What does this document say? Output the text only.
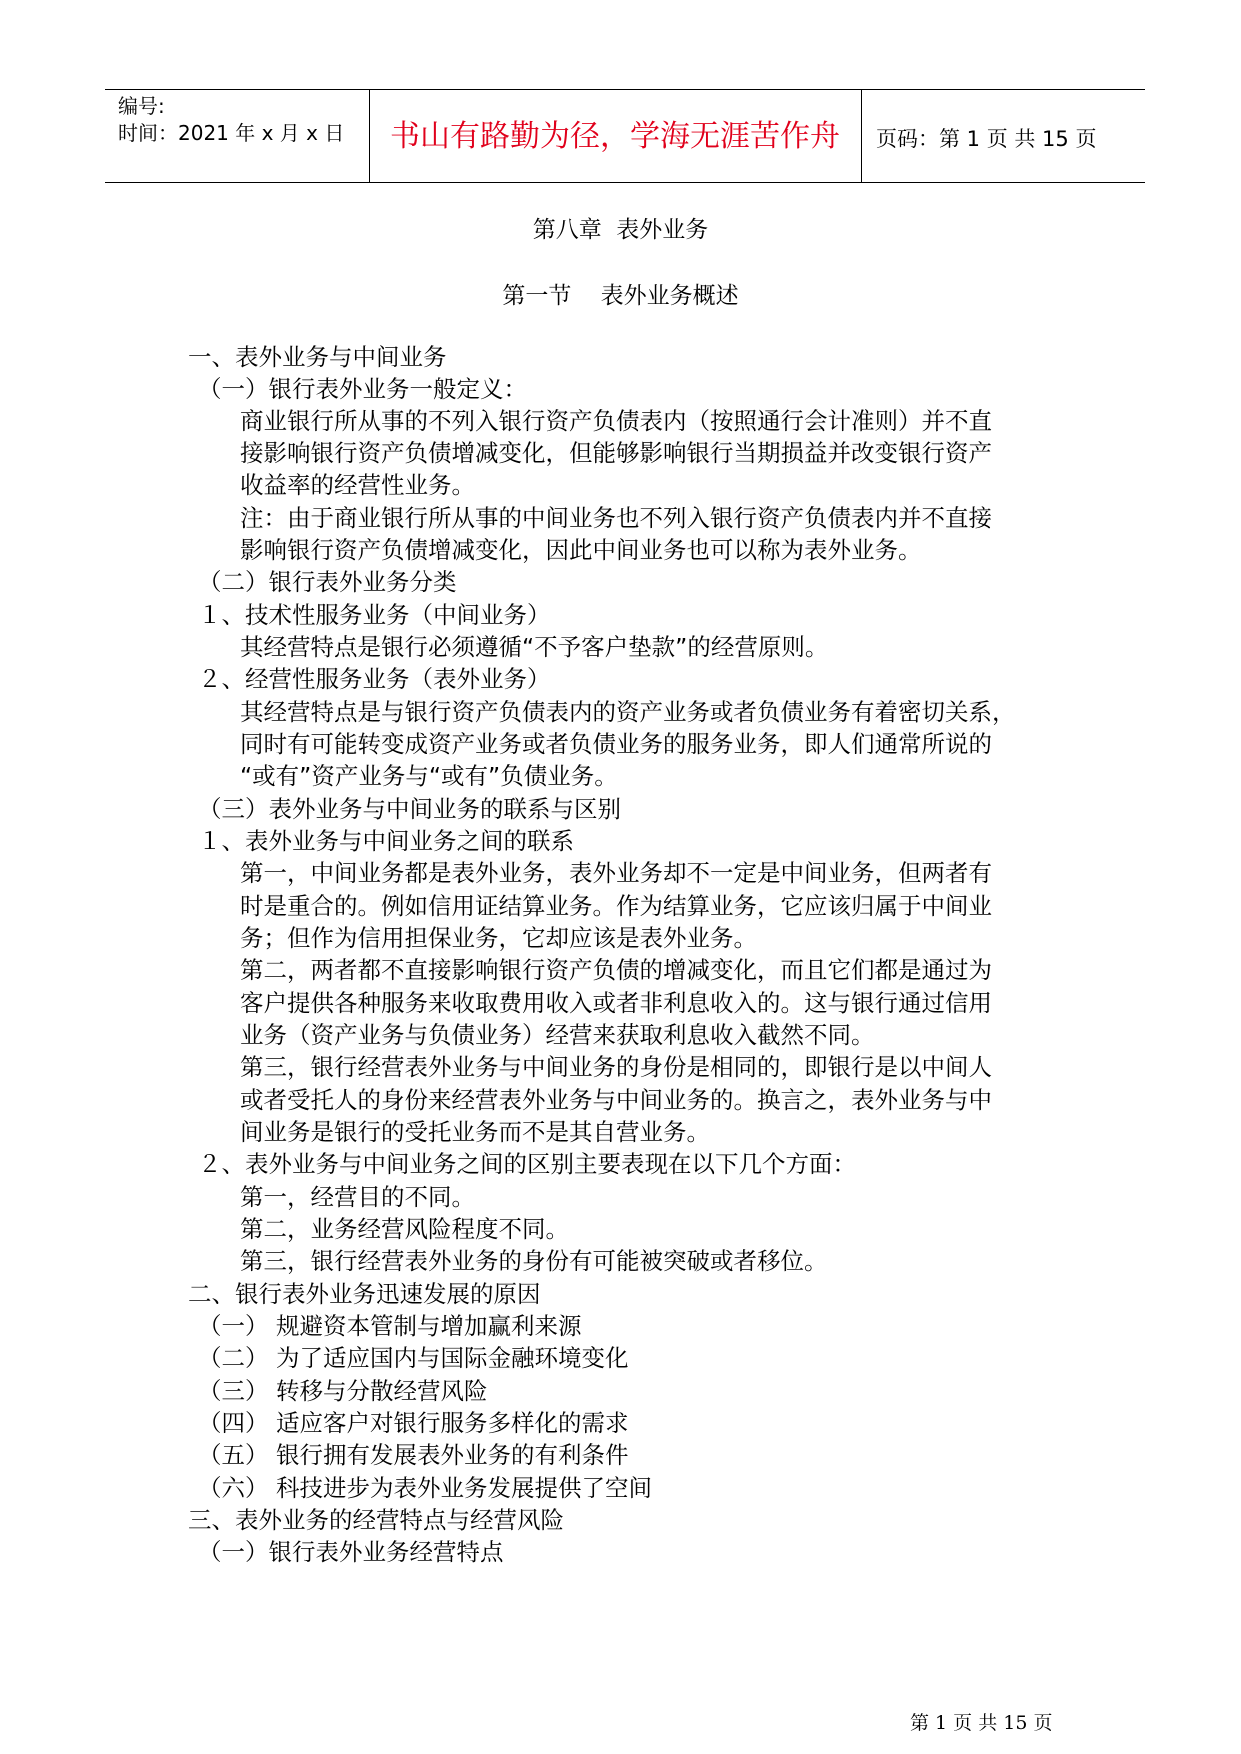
编号:
时间：2021 年 x 月 x 日	书山有路勤为径，学海无涯苦作舟	页码：第 1 页 共 15 页
第八章  表外业务
第一节    表外业务概述
一、表外业务与中间业务
（一）银行表外业务一般定义：
商业银行所从事的不列入银行资产负债表内（按照通行会计准则）并不直
接影响银行资产负债增减变化，但能够影响银行当期损益并改变银行资产
收益率的经营性业务。
注：由于商业银行所从事的中间业务也不列入银行资产负债表内并不直接
影响银行资产负债增减变化，因此中间业务也可以称为表外业务。
（二）银行表外业务分类
１、技术性服务业务（中间业务）
其经营特点是银行必须遵循“不予客户垫款”的经营原则。
２、经营性服务业务（表外业务）
其经营特点是与银行资产负债表内的资产业务或者负债业务有着密切关系，
同时有可能转变成资产业务或者负债业务的服务业务，即人们通常所说的
“或有”资产业务与“或有”负债业务。
（三）表外业务与中间业务的联系与区别
１、表外业务与中间业务之间的联系
第一，中间业务都是表外业务，表外业务却不一定是中间业务，但两者有
时是重合的。例如信用证结算业务。作为结算业务，它应该归属于中间业
务；但作为信用担保业务，它却应该是表外业务。
第二，两者都不直接影响银行资产负债的增减变化，而且它们都是通过为
客户提供各种服务来收取费用收入或者非利息收入的。这与银行通过信用
业务（资产业务与负债业务）经营来获取利息收入截然不同。
第三，银行经营表外业务与中间业务的身份是相同的，即银行是以中间人
或者受托人的身份来经营表外业务与中间业务的。换言之，表外业务与中
间业务是银行的受托业务而不是其自营业务。
２、表外业务与中间业务之间的区别主要表现在以下几个方面：
第一，经营目的不同。
第二，业务经营风险程度不同。
第三，银行经营表外业务的身份有可能被突破或者移位。
二、银行表外业务迅速发展的原因
（一） 规避资本管制与增加赢利来源
（二） 为了适应国内与国际金融环境变化
（三） 转移与分散经营风险
（四） 适应客户对银行服务多样化的需求
（五） 银行拥有发展表外业务的有利条件
（六） 科技进步为表外业务发展提供了空间
三、表外业务的经营特点与经营风险
（一）银行表外业务经营特点
第 1 页 共 15 页
